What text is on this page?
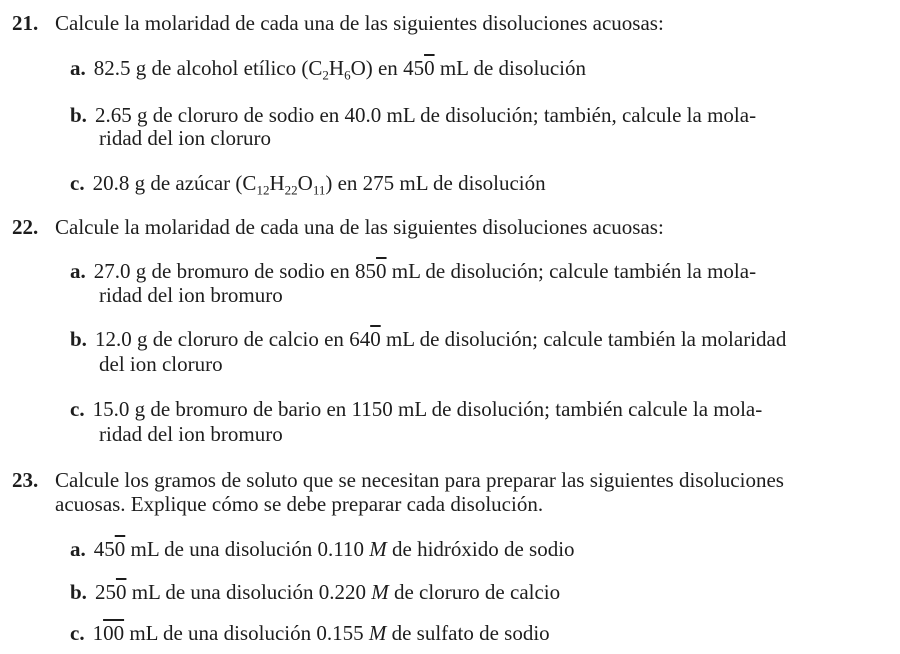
21. Calcule la molaridad de cada una de las siguientes disoluciones acuosas:
a. 82.5 g de alcohol etílico $(C_2H_6O)$ en 450 mL de disolución
b. 2.65 g de cloruro de sodio en 40.0 mL de disolución; también, calcule la mola-
ridad del ion cloruro
c. 20.8 g de azúcar $(C_{12}H_{22}O_{11})$ en 275 mL de disolución
22. Calcule la molaridad de cada una de las siguientes disoluciones acuosas:
a. 27.0 g de bromuro de sodio en 850 mL de disolución; calcule también la mola-
ridad del ion bromuro
b. 12.0 g de cloruro de calcio en 640 mL de disolución; calcule también la molaridad
del ion cloruro
c. 15.0 g de bromuro de bario en 1150 mL de disolución; también calcule la mola-
ridad del ion bromuro
23. Calcule los gramos de soluto que se necesitan para preparar las siguientes disoluciones
acuosas. Explique cómo se debe preparar cada disolución.
a. 450 mL de una disolución 0.110 M de hidróxido de sodio
b. 250 mL de una disolución 0.220 M de cloruro de calcio
c. 100 mL de una disolución 0.155 M de sulfato de sodio
